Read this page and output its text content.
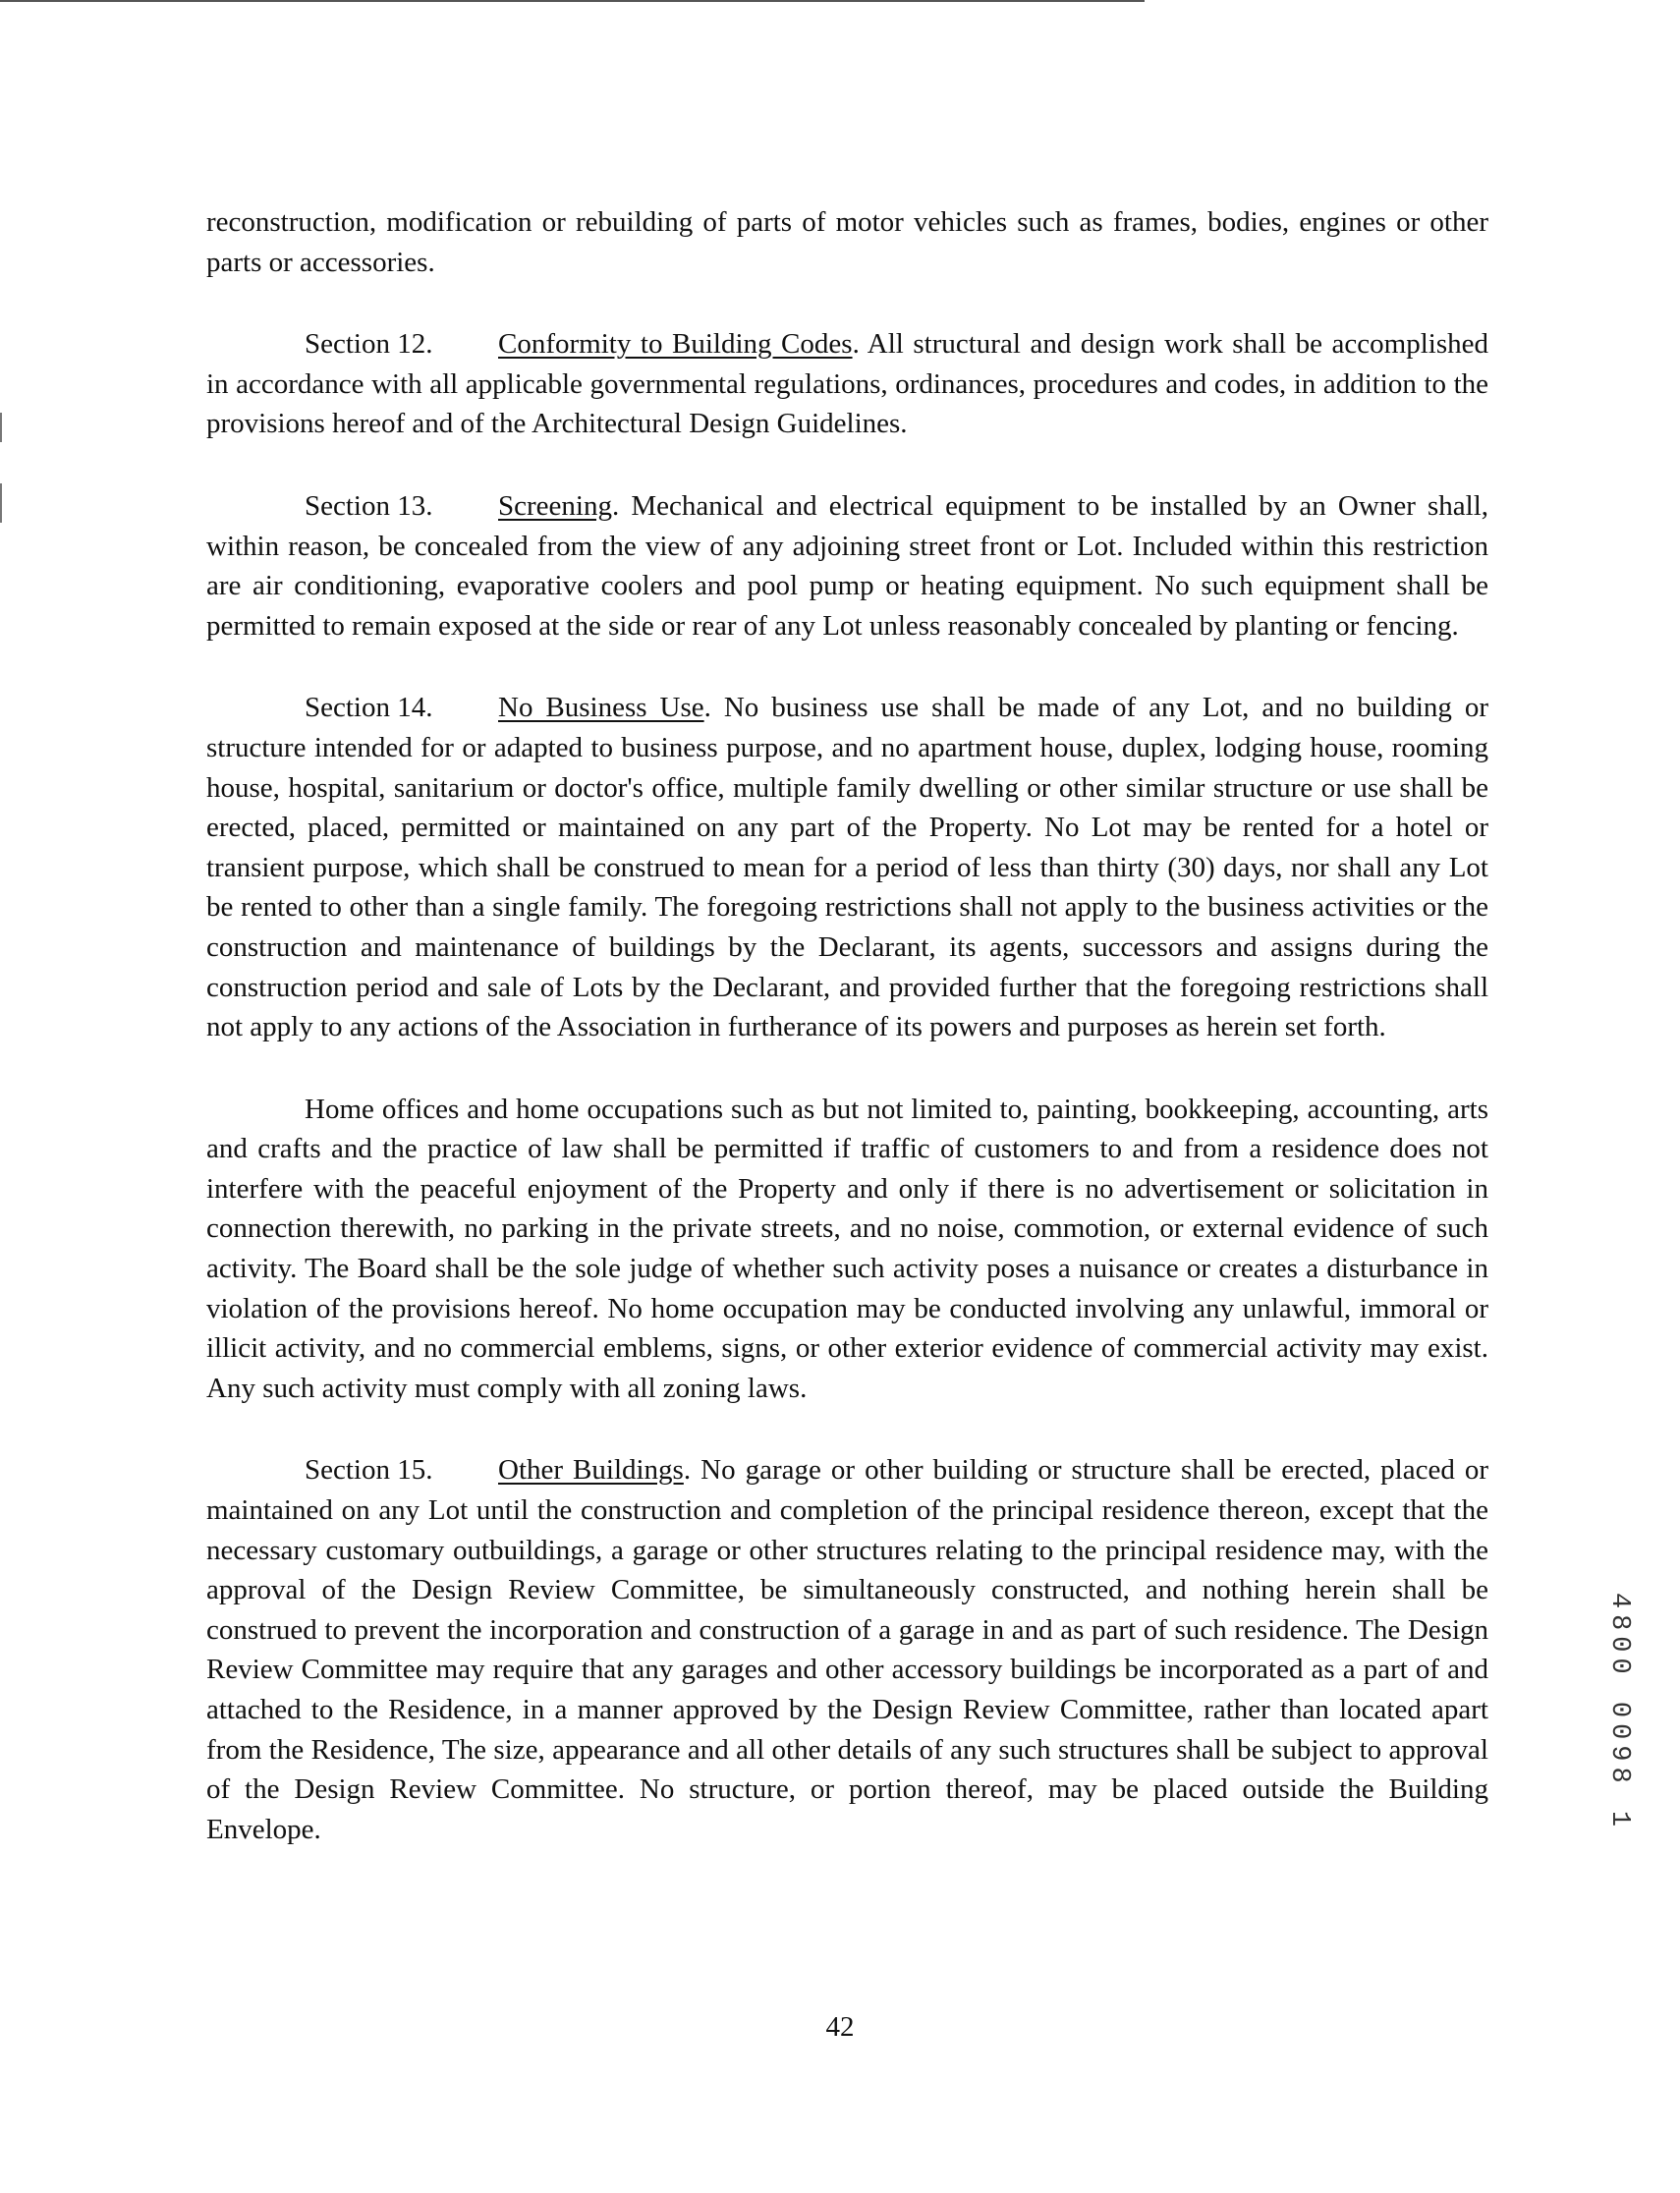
reconstruction, modification or rebuilding of parts of motor vehicles such as frames, bodies, engines or other parts or accessories.

Section 12. Conformity to Building Codes. All structural and design work shall be accomplished in accordance with all applicable governmental regulations, ordinances, procedures and codes, in addition to the provisions hereof and of the Architectural Design Guidelines.

Section 13. Screening. Mechanical and electrical equipment to be installed by an Owner shall, within reason, be concealed from the view of any adjoining street front or Lot. Included within this restriction are air conditioning, evaporative coolers and pool pump or heating equipment. No such equipment shall be permitted to remain exposed at the side or rear of any Lot unless reasonably concealed by planting or fencing.

Section 14. No Business Use. No business use shall be made of any Lot, and no building or structure intended for or adapted to business purpose, and no apartment house, duplex, lodging house, rooming house, hospital, sanitarium or doctor's office, multiple family dwelling or other similar structure or use shall be erected, placed, permitted or maintained on any part of the Property. No Lot may be rented for a hotel or transient purpose, which shall be construed to mean for a period of less than thirty (30) days, nor shall any Lot be rented to other than a single family. The foregoing restrictions shall not apply to the business activities or the construction and maintenance of buildings by the Declarant, its agents, successors and assigns during the construction period and sale of Lots by the Declarant, and provided further that the foregoing restrictions shall not apply to any actions of the Association in furtherance of its powers and purposes as herein set forth.

Home offices and home occupations such as but not limited to, painting, bookkeeping, accounting, arts and crafts and the practice of law shall be permitted if traffic of customers to and from a residence does not interfere with the peaceful enjoyment of the Property and only if there is no advertisement or solicitation in connection therewith, no parking in the private streets, and no noise, commotion, or external evidence of such activity. The Board shall be the sole judge of whether such activity poses a nuisance or creates a disturbance in violation of the provisions hereof. No home occupation may be conducted involving any unlawful, immoral or illicit activity, and no commercial emblems, signs, or other exterior evidence of commercial activity may exist. Any such activity must comply with all zoning laws.

Section 15. Other Buildings. No garage or other building or structure shall be erected, placed or maintained on any Lot until the construction and completion of the principal residence thereon, except that the necessary customary outbuildings, a garage or other structures relating to the principal residence may, with the approval of the Design Review Committee, be simultaneously constructed, and nothing herein shall be construed to prevent the incorporation and construction of a garage in and as part of such residence. The Design Review Committee may require that any garages and other accessory buildings be incorporated as a part of and attached to the Residence, in a manner approved by the Design Review Committee, rather than located apart from the Residence, The size, appearance and all other details of any such structures shall be subject to approval of the Design Review Committee. No structure, or portion thereof, may be placed outside the Building Envelope.	4800 0098 1
42
